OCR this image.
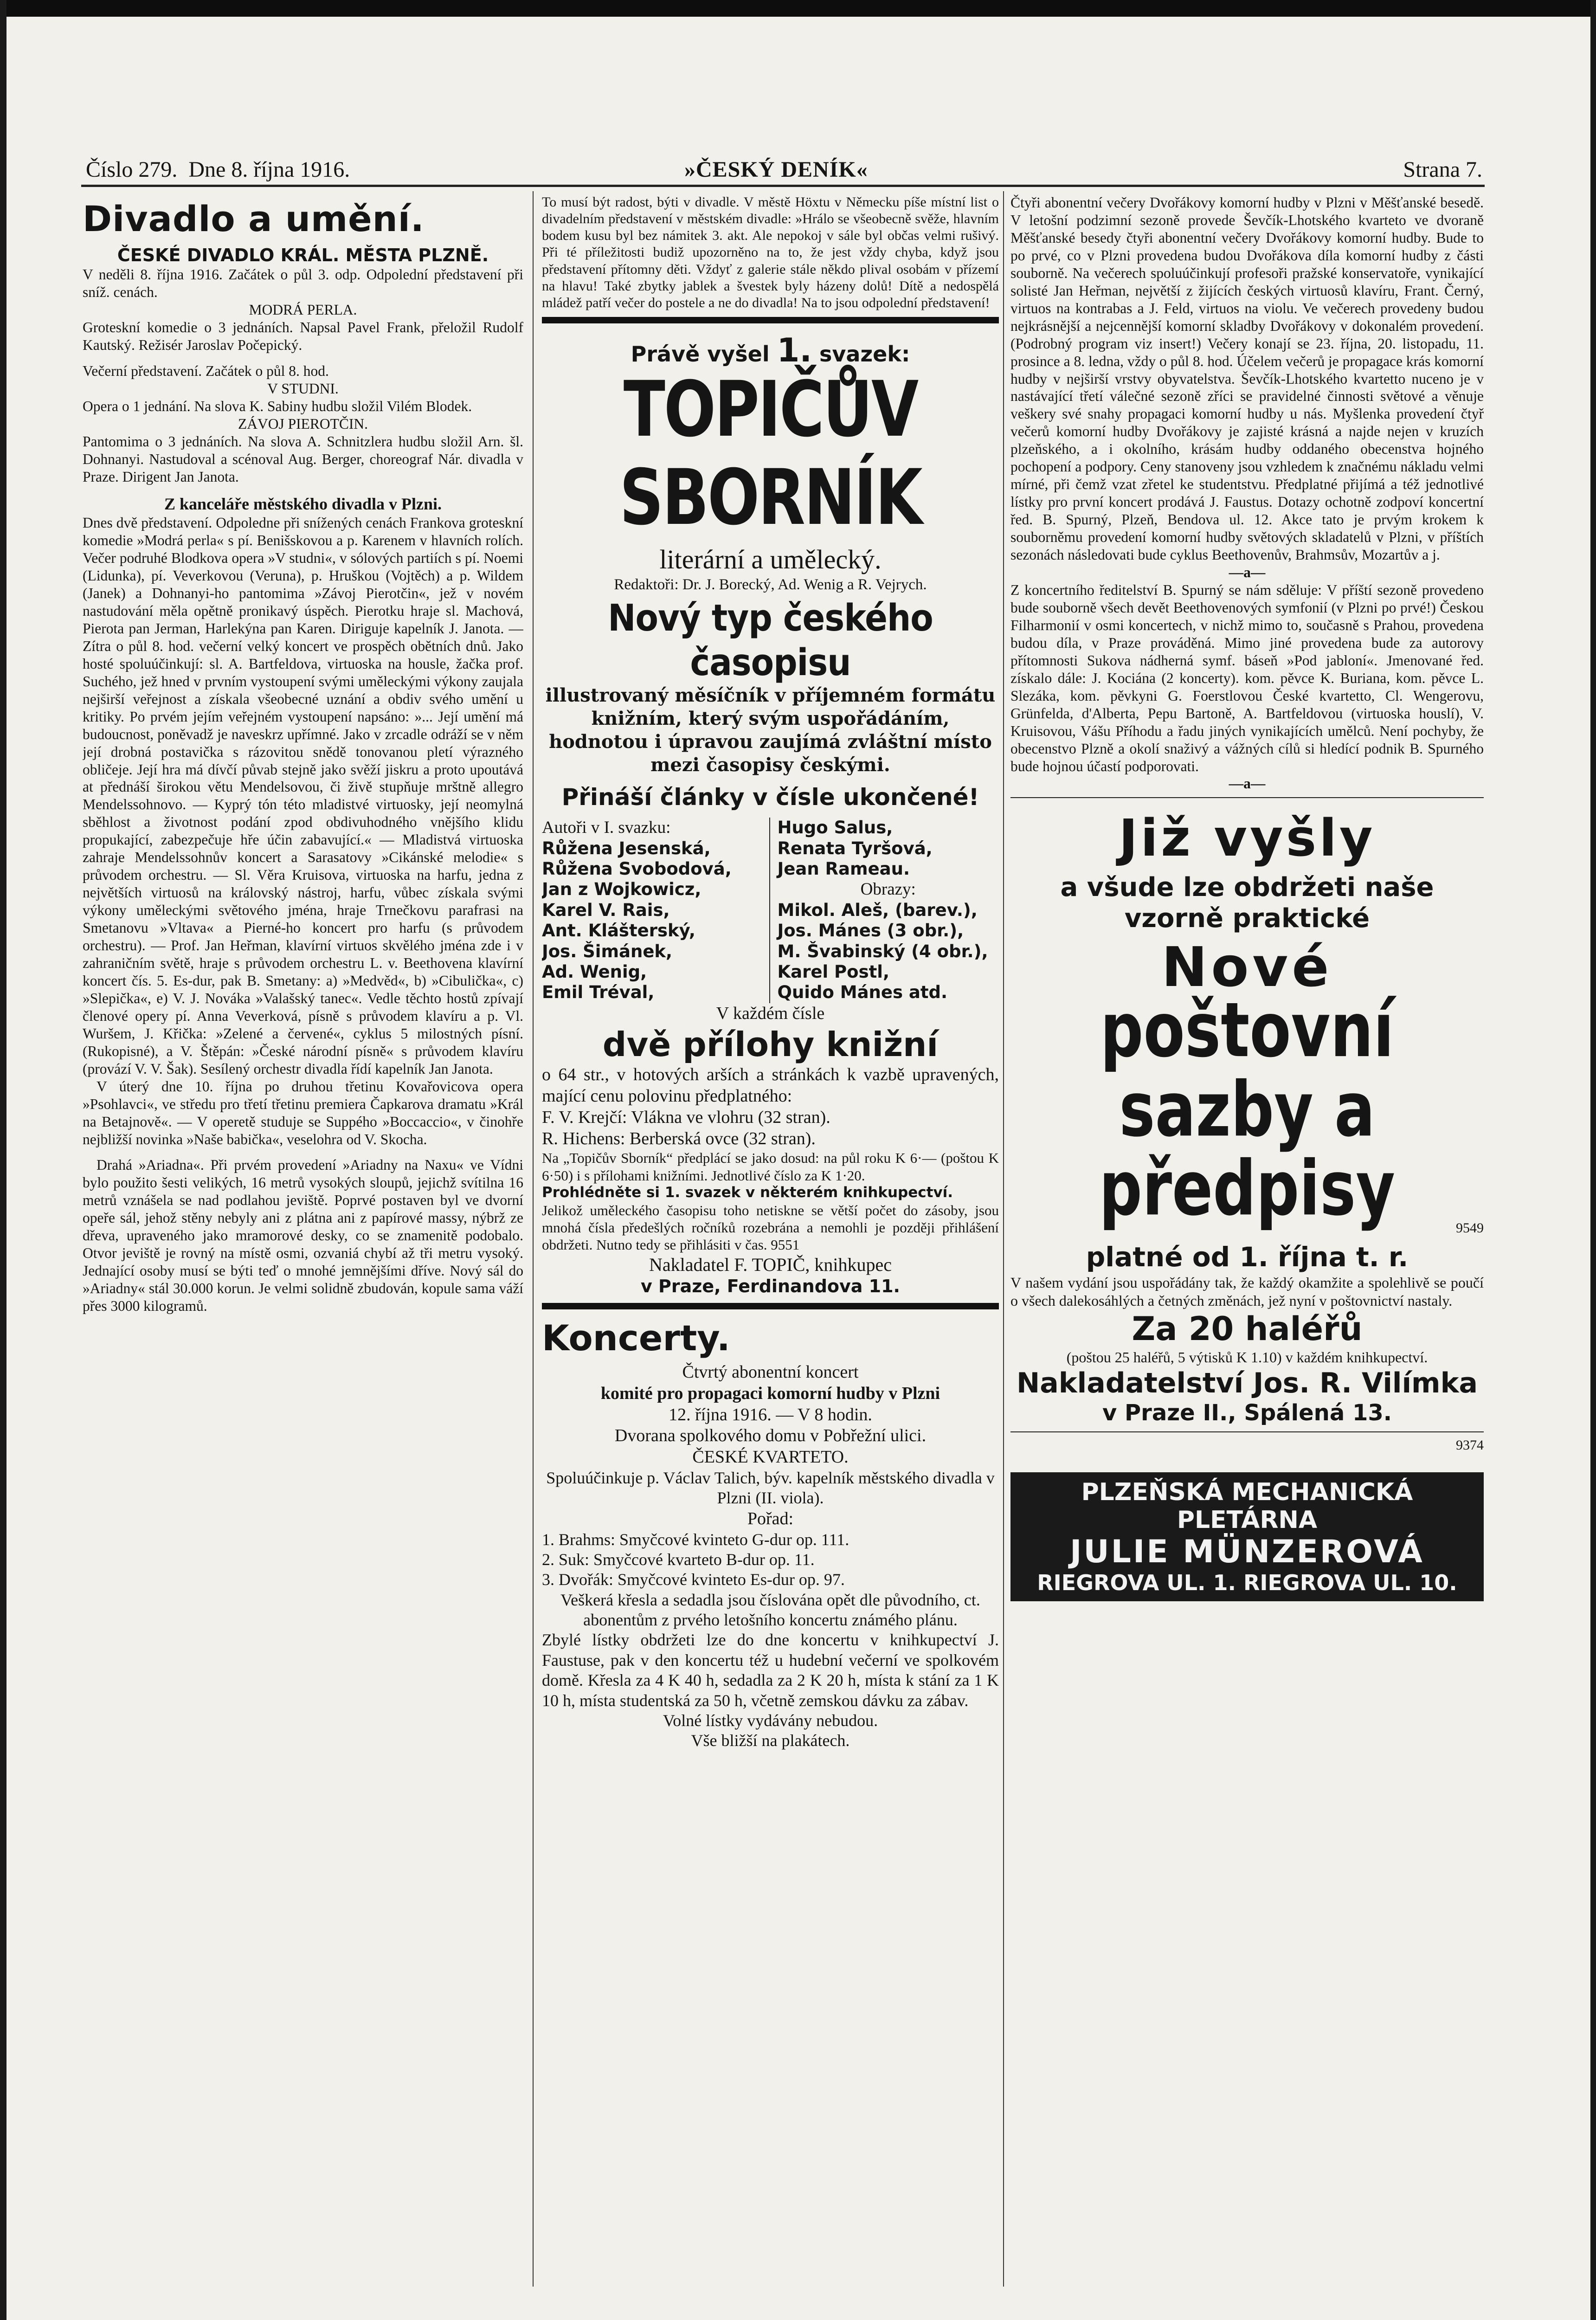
Číslo 279. Dne 8. října 1916.	»ČESKÝ DENÍK«	Strana 7.
Divadlo a umění.

ČESKÉ DIVADLO KRÁL. MĚSTA PLZNĚ.

V neděli 8. října 1916. Začátek o půl 3. odp. Odpolední představení při sníž. cenách.

MODRÁ PERLA.

Groteskní komedie o 3 jednáních. Napsal Pavel Frank, přeložil Rudolf Kautský. Režisér Jaroslav Počepický.

Večerní představení. Začátek o půl 8. hod.

V STUDNI.

Opera o 1 jednání. Na slova K. Sabiny hudbu složil Vilém Blodek.

ZÁVOJ PIEROTČIN.

Pantomima o 3 jednáních. Na slova A. Schnitzlera hudbu složil Arn. šl. Dohnanyi. Nastudoval a scénoval Aug. Berger, choreograf Nár. divadla v Praze. Dirigent Jan Janota.

Z kanceláře městského divadla v Plzni.

Dnes dvě představení. Odpoledne při snížených cenách Frankova groteskní komedie »Modrá perla« s pí. Benišskovou a p. Karenem v hlavních rolích. Večer podruhé Blodkova opera »V studni«, v sólových partiích s pí. Noemi (Lidunka), pí. Veverkovou (Veruna), p. Hruškou (Vojtěch) a p. Wildem (Janek) a Dohnanyi-ho pantomima »Závoj Pierotčin«, jež v novém nastudování měla opětně pronikavý úspěch. Pierotku hraje sl. Machová, Pierota pan Jerman, Harlekýna pan Karen. Diriguje kapelník J. Janota. — Zítra o půl 8. hod. večerní velký koncert ve prospěch obětních dnů. Jako hosté spoluúčinkují: sl. A. Bartfeldova, virtuoska na housle, žačka prof. Suchého, jež hned v prvním vystoupení svými uměleckými výkony zaujala nejširší veřejnost a získala všeobecné uznání a obdiv svého umění u kritiky. Po prvém jejím veřejném vystoupení napsáno: »... Její umění má budoucnost, poněvadž je naveskrz upřímné. Jako v zrcadle odráží se v něm její drobná postavička s rázovitou snědě tonovanou pletí výrazného obličeje. Její hra má dívčí půvab stejně jako svěží jiskru a proto upoutává at přednáší širokou větu Mendelsovou, či živě stupňuje mrštně allegro Mendelssohnovo. — Kyprý tón této mladistvé virtuosky, její neomylná sběhlost a životnost podání zpod obdivuhodného vnějšího klidu propukající, zabezpečuje hře účin zabavující.« — Mladistvá virtuoska zahraje Mendelssohnův koncert a Sarasatovy »Cikánské melodie« s průvodem orchestru. — Sl. Věra Kruisova, virtuoska na harfu, jedna z největších virtuosů na královský nástroj, harfu, vůbec získala svými výkony uměleckými světového jména, hraje Trnečkovu parafrasi na Smetanovu »Vltava« a Pierné-ho koncert pro harfu (s průvodem orchestru). — Prof. Jan Heřman, klavírní virtuos skvělého jména zde i v zahraničním světě, hraje s průvodem orchestru L. v. Beethovena klavírní koncert čís. 5. Es-dur, pak B. Smetany: a) »Medvěd«, b) »Cibulička«, c) »Slepička«, e) V. J. Nováka »Valašský tanec«. Vedle těchto hostů zpívají členové opery pí. Anna Veverková, písně s průvodem klavíru a p. Vl. Wuršem, J. Křička: »Zelené a červené«, cyklus 5 milostných písní. (Rukopisné), a V. Štěpán: »České národní písně« s průvodem klavíru (provází V. V. Šak). Sesílený orchestr divadla řídí kapelník Jan Janota.

V úterý dne 10. října po druhou třetinu Kovařovicova opera »Psohlavci«, ve středu pro třetí třetinu premiera Čapkarova dramatu »Král na Betajnově«. — V operetě studuje se Suppého »Boccaccio«, v činohře nejbližší novinka »Naše babička«, veselohra od V. Skocha.

Drahá »Ariadna«. Při prvém provedení »Ariadny na Naxu« ve Vídni bylo použito šesti velikých, 16 metrů vysokých sloupů, jejichž svítilna 16 metrů vznášela se nad podlahou jeviště. Poprvé postaven byl ve dvorní opeře sál, jehož stěny nebyly ani z plátna ani z papírové massy, nýbrž ze dřeva, upraveného jako mramorové desky, co se znamenitě podobalo. Otvor jeviště je rovný na místě osmi, ozvaniá chybí až tři metru vysoký. Jednající osoby musí se býti teď o mnohé jemnějšími dříve. Nový sál do »Ariadny« stál 30.000 korun. Je velmi solidně zbudován, kopule sama váží přes 3000 kilogramů.

To musí být radost, býti v divadle. V městě Höxtu v Německu píše místní list o divadelním představení v městském divadle: »Hrálo se všeobecně svěže, hlavním bodem kusu byl bez námitek 3. akt. Ale nepokoj v sále byl občas velmi rušivý. Při té příležitosti budiž upozorněno na to, že jest vždy chyba, když jsou představení přítomny děti. Vždyť z galerie stále někdo plival osobám v přízemí na hlavu! Také zbytky jablek a švestek byly házeny dolů! Dítě a nedospělá mládež patří večer do postele a ne do divadla! Na to jsou odpolední představení!

Právě vyšel 1. svazek:
TOPIČŮV SBORNÍK
literární a umělecký.

Redaktoři: Dr. J. Borecký, Ad. Wenig a R. Vejrych.

Nový typ českého časopisu
illustrovaný měsíčník v příjemném formátu knižním, který svým uspořádáním, hodnotou i úpravou zaujímá zvláštní místo mezi časopisy českými.
Přináší články v čísle ukončené!
Autoři v I. svazku:
Růžena Jesenská,
Růžena Svobodová,
Jan z Wojkowicz,
Karel V. Rais,
Ant. Klášterský,
Jos. Šimánek,
Ad. Wenig,
Emil Tréval,
Hugo Salus,
Renata Tyršová,
Jean Rameau.
Obrazy:
Mikol. Aleš, (barev.),
Jos. Mánes (3 obr.),
M. Švabinský (4 obr.),
Karel Postl,
Quido Mánes atd.

V každém čísle

dvě přílohy knižní

o 64 str., v hotových arších a stránkách k vazbě upravených, mající cenu polovinu předplatného:

F. V. Krejčí: Vlákna ve vlohru (32 stran).

R. Hichens: Berberská ovce (32 stran).

Na „Topičův Sborník“ předplácí se jako dosud: na půl roku K 6·— (poštou K 6·50) i s přílohami knižními. Jednotlivé číslo za K 1·20.

Prohlédněte si 1. svazek v některém knihkupectví.

Jelikož uměleckého časopisu toho netiskne se větší počet do zásoby, jsou mnohá čísla předešlých ročníků rozebrána a nemohli je později přihlášení obdržeti. Nutno tedy se přihlásiti v čas. 9551

Nakladatel F. TOPIČ, knihkupec

v Praze, Ferdinandova 11.

Koncerty.

Čtvrtý abonentní koncert

komité pro propagaci komorní hudby v Plzni

12. října 1916. — V 8 hodin.

Dvorana spolkového domu v Pobřežní ulici.

ČESKÉ KVARTETO.

Spoluúčinkuje p. Václav Talich, býv. kapelník městského divadla v Plzni (II. viola).

Pořad:

1. Brahms: Smyčcové kvinteto G-dur op. 111.

2. Suk: Smyčcové kvarteto B-dur op. 11.

3. Dvořák: Smyčcové kvinteto Es-dur op. 97.

Veškerá křesla a sedadla jsou číslována opět dle původního, ct. abonentům z prvého letošního koncertu známého plánu.

Zbylé lístky obdržeti lze do dne koncertu v knihkupectví J. Faustuse, pak v den koncertu též u hudební večerní ve spolkovém domě. Křesla za 4 K 40 h, sedadla za 2 K 20 h, místa k stání za 1 K 10 h, místa studentská za 50 h, včetně zemskou dávku za zábav.

Volné lístky vydávány nebudou.

Vše bližší na plakátech.

Čtyři abonentní večery Dvořákovy komorní hudby v Plzni v Měšťanské besedě. V letošní podzimní sezoně provede Ševčík-Lhotského kvarteto ve dvoraně Měšťanské besedy čtyři abonentní večery Dvořákovy komorní hudby. Bude to po prvé, co v Plzni provedena budou Dvořákova díla komorní hudby z části souborně. Na večerech spoluúčinkují profesoři pražské konservatoře, vynikající solisté Jan Heřman, největší z žijících českých virtuosů klavíru, Frant. Černý, virtuos na kontrabas a J. Feld, virtuos na violu. Ve večerech provedeny budou nejkrásnější a nejcennější komorní skladby Dvořákovy v dokonalém provedení. (Podrobný program viz insert!) Večery konají se 23. října, 20. listopadu, 11. prosince a 8. ledna, vždy o půl 8. hod. Účelem večerů je propagace krás komorní hudby v nejširší vrstvy obyvatelstva. Ševčík-Lhotského kvartetto nuceno je v nastávající třetí válečné sezoně zříci se pravidelné činnosti světové a věnuje veškery své snahy propagaci komorní hudby u nás. Myšlenka provedení čtyř večerů komorní hudby Dvořákovy je zajisté krásná a najde nejen v kruzích plzeňského, a i okolního, krásám hudby oddaného obecenstva hojného pochopení a podpory. Ceny stanoveny jsou vzhledem k značnému nákladu velmi mírné, při čemž vzat zřetel ke studentstvu. Předplatné přijímá a též jednotlivé lístky pro první koncert prodává J. Faustus. Dotazy ochotně zodpoví koncertní řed. B. Spurný, Plzeň, Bendova ul. 12. Akce tato je prvým krokem k souborněmu provedení komorní hudby světových skladatelů v Plzni, v příštích sezonách následovati bude cyklus Beethovenův, Brahmsův, Mozartův a j.

—a—

Z koncertního ředitelství B. Spurný se nám sděluje: V příští sezoně provedeno bude souborně všech devět Beethovenových symfonií (v Plzni po prvé!) Českou Filharmonií v osmi koncertech, v nichž mimo to, současně s Prahou, provedena budou díla, v Praze prováděná. Mimo jiné provedena bude za autorovy přítomnosti Sukova nádherná symf. báseň »Pod jabloní«. Jmenované řed. získalo dále: J. Kociána (2 koncerty). kom. pěvce K. Buriana, kom. pěvce L. Slezáka, kom. pěvkyni G. Foerstlovou České kvartetto, Cl. Wengerovu, Grünfelda, d'Alberta, Pepu Bartoně, A. Bartfeldovou (virtuoska houslí), V. Kruisovou, Vášu Příhodu a řadu jiných vynikajících umělců. Není pochyby, že obecenstvo Plzně a okolí snaživý a vážných cílů si hledící podnik B. Spurného bude hojnou účastí podporovati.

—a—

Již vyšly
a všude lze obdržeti naše vzorně praktické
Nové
poštovní sazby a předpisy	9549

platné od 1. října t. r.

V našem vydání jsou uspořádány tak, že každý okamžite a spolehlivě se poučí o všech dalekosáhlých a četných změnách, jež nyní v poštovnictví nastaly.

Za 20 haléřů

(poštou 25 haléřů, 5 výtisků K 1.10) v každém knihkupectví.

Nakladatelství Jos. R. Vilímka
v Praze II., Spálená 13.

9374

PLZEŇSKÁ MECHANICKÁ PLETÁRNA
JULIE MÜNZEROVÁ
RIEGROVA UL. 1. RIEGROVA UL. 10.
